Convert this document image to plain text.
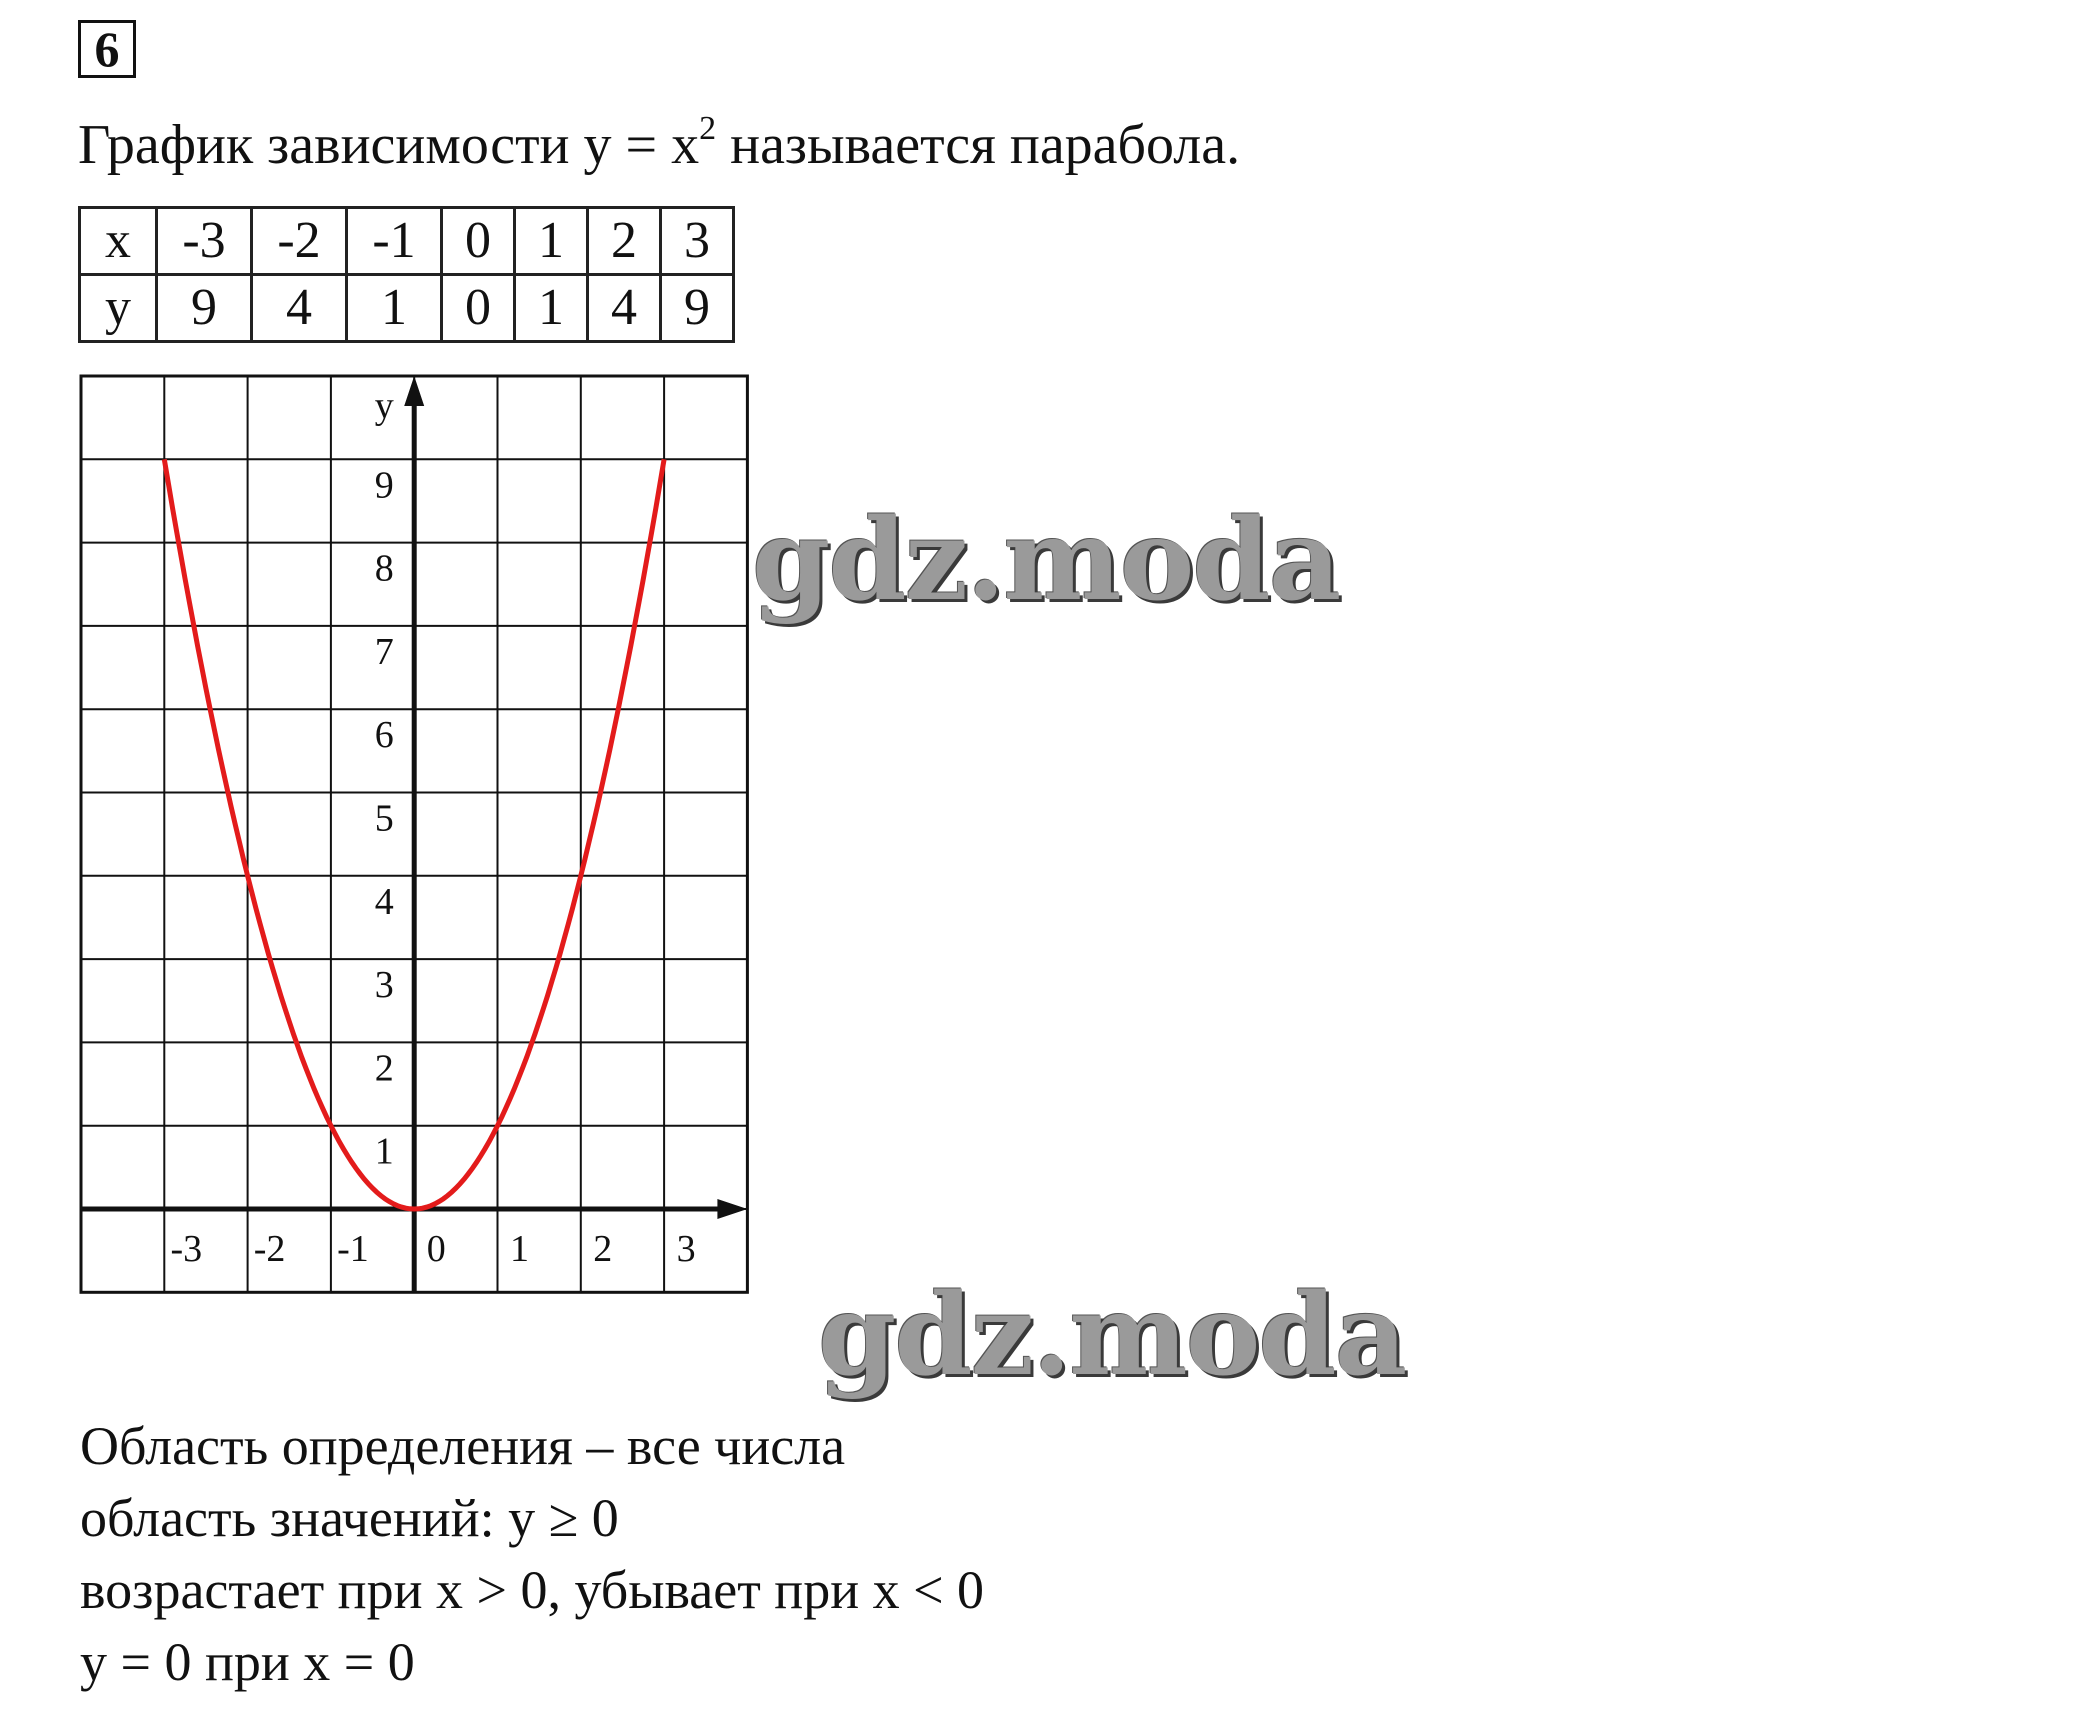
6
График зависимости $y = x^2$ называется парабола.
x	-3	-2	-1	0	1	2	3
y	9	4	1	0	1	4	9
y
-3 -2 -1 0 1 2 3
1
2
3
4
5
6
7
8
9
gdz.moda
gdz.moda
Область определения – все числа
область значений: y ≥ 0
возрастает при x > 0, убывает при x < 0
y = 0 при x = 0
